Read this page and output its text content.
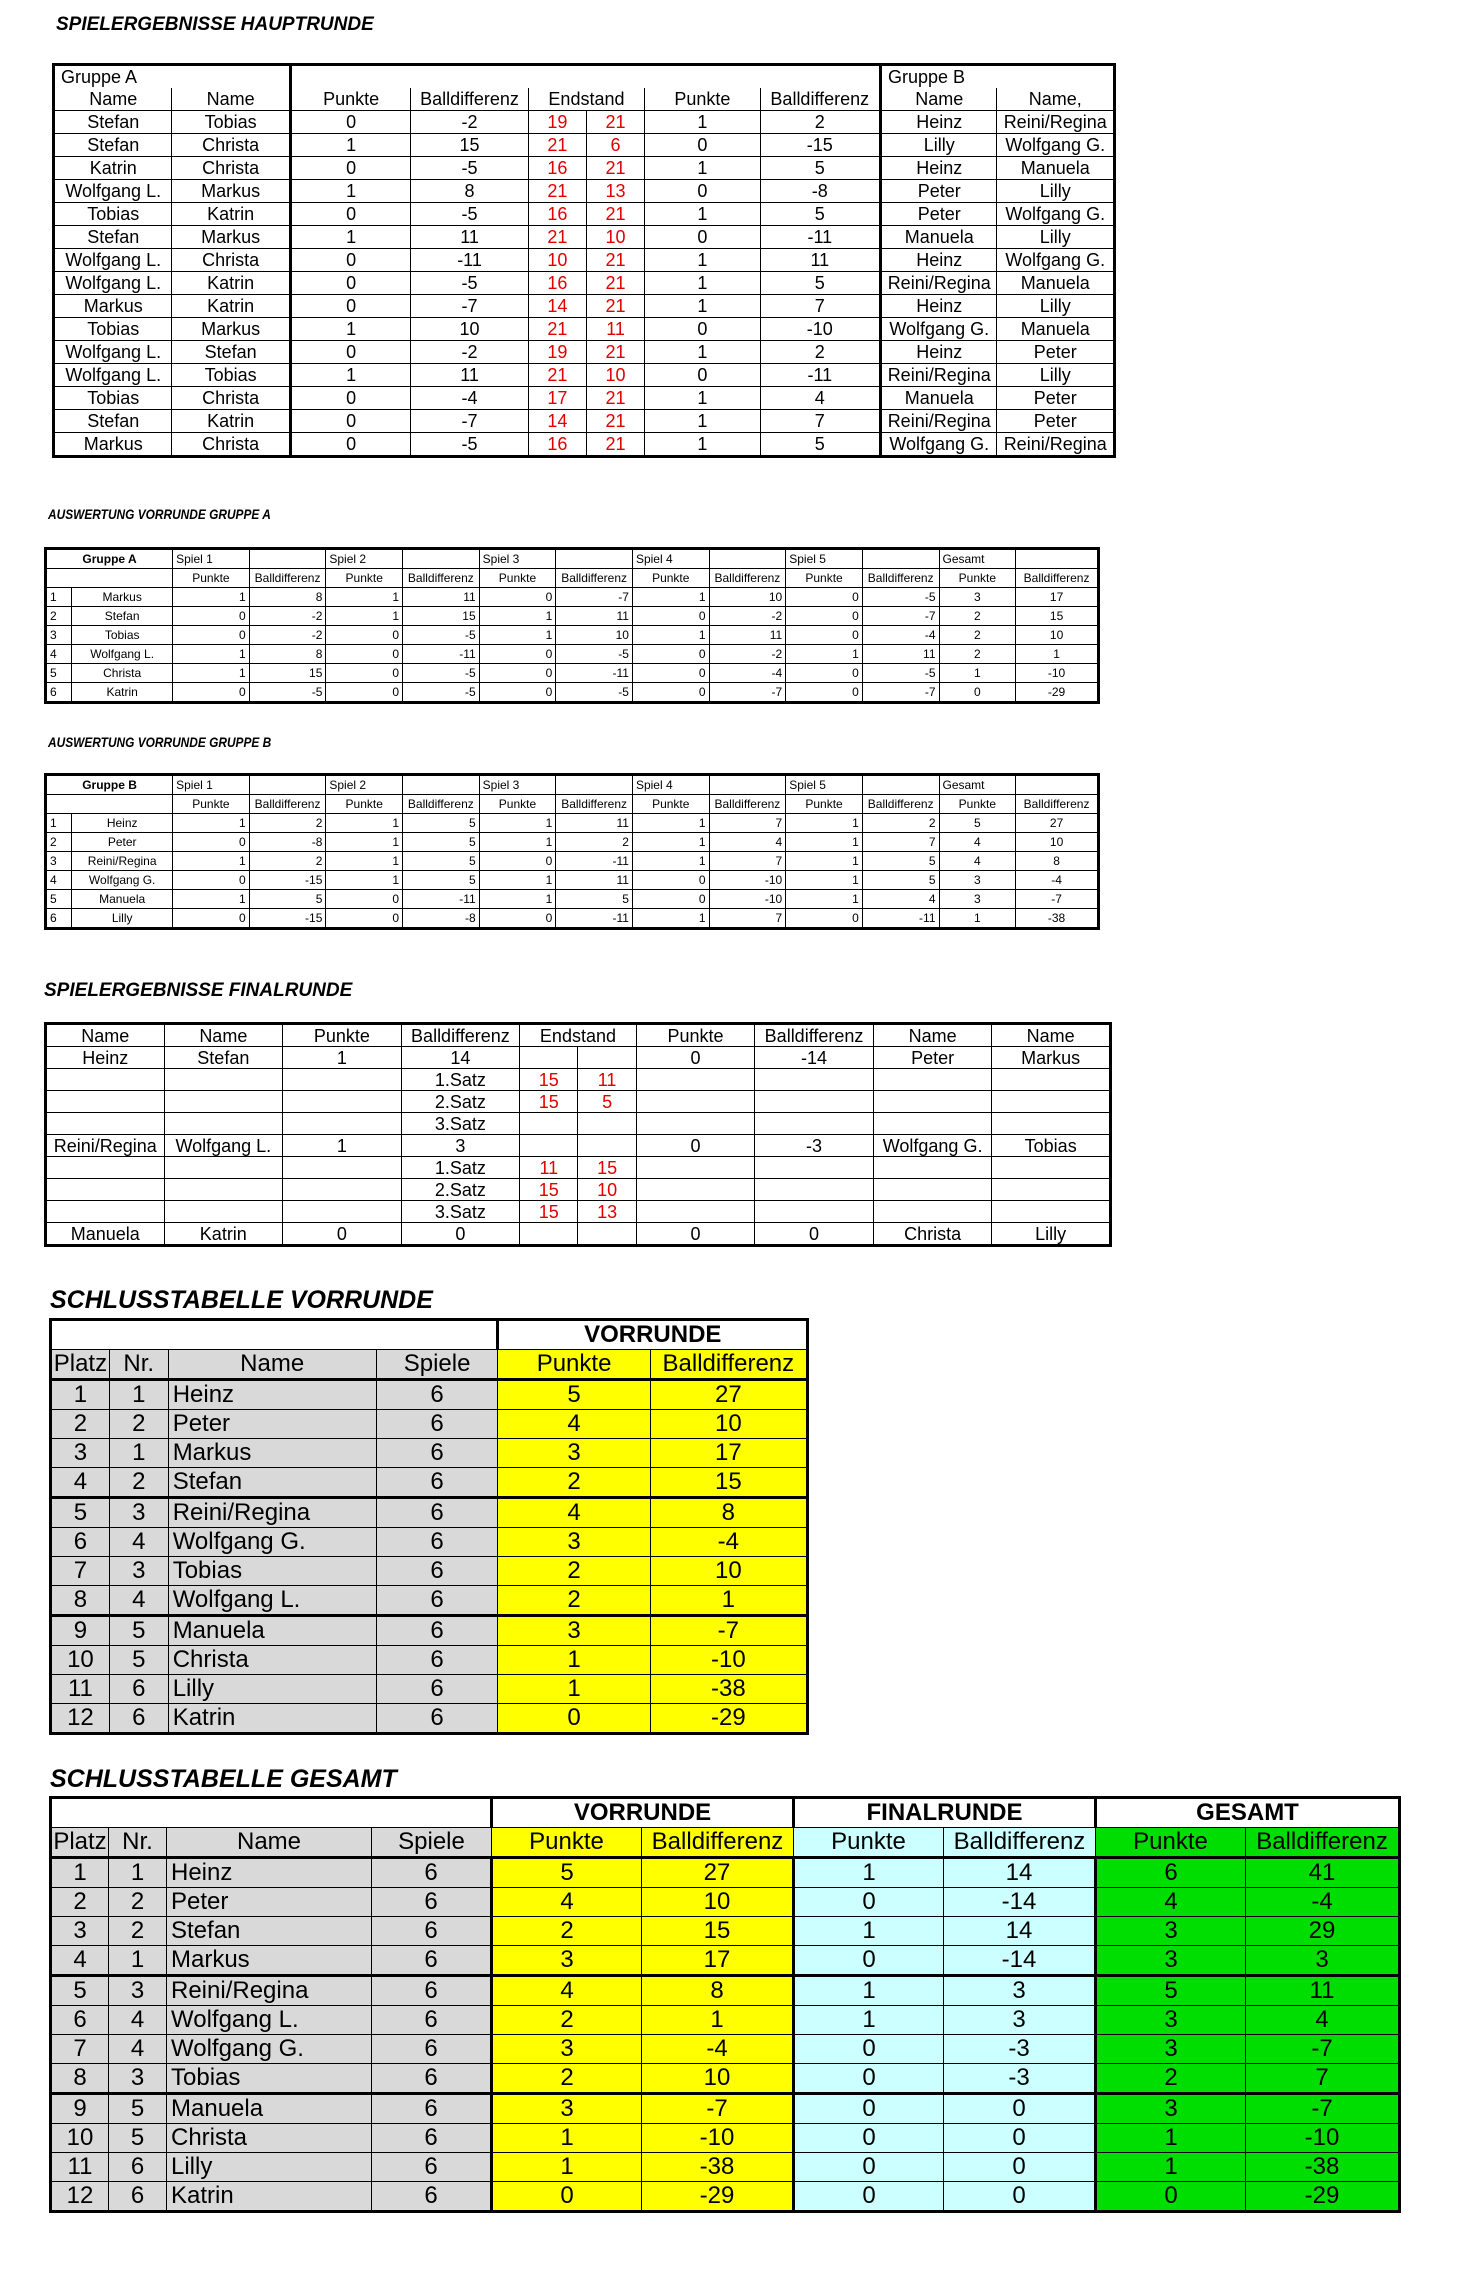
SPIELERGEBNISSE HAUPTRUNDE

Gruppe A								Gruppe B	
Name	Name	Punkte	Balldifferenz	Endstand		Punkte	Balldifferenz	Name	Name,
Stefan	Tobias	0	-2	19	21	1	2	Heinz	Reini/Regina
Stefan	Christa	1	15	21	6	0	-15	Lilly	Wolfgang G.
Katrin	Christa	0	-5	16	21	1	5	Heinz	Manuela
Wolfgang L.	Markus	1	8	21	13	0	-8	Peter	Lilly
Tobias	Katrin	0	-5	16	21	1	5	Peter	Wolfgang G.
Stefan	Markus	1	11	21	10	0	-11	Manuela	Lilly
Wolfgang L.	Christa	0	-11	10	21	1	11	Heinz	Wolfgang G.
Wolfgang L.	Katrin	0	-5	16	21	1	5	Reini/Regina	Manuela
Markus	Katrin	0	-7	14	21	1	7	Heinz	Lilly
Tobias	Markus	1	10	21	11	0	-10	Wolfgang G.	Manuela
Wolfgang L.	Stefan	0	-2	19	21	1	2	Heinz	Peter
Wolfgang L.	Tobias	1	11	21	10	0	-11	Reini/Regina	Lilly
Tobias	Christa	0	-4	17	21	1	4	Manuela	Peter
Stefan	Katrin	0	-7	14	21	1	7	Reini/Regina	Peter
Markus	Christa	0	-5	16	21	1	5	Wolfgang G.	Reini/Regina

AUSWERTUNG VORRUNDE GRUPPE A

Gruppe A		Spiel 1		Spiel 2		Spiel 3		Spiel 4		Spiel 5		Gesamt	
		Punkte	Balldifferenz	Punkte	Balldifferenz	Punkte	Balldifferenz	Punkte	Balldifferenz	Punkte	Balldifferenz	Punkte	Balldifferenz
1	Markus	1	8	1	11	0	-7	1	10	0	-5	3	17
2	Stefan	0	-2	1	15	1	11	0	-2	0	-7	2	15
3	Tobias	0	-2	0	-5	1	10	1	11	0	-4	2	10
4	Wolfgang L.	1	8	0	-11	0	-5	0	-2	1	11	2	1
5	Christa	1	15	0	-5	0	-11	0	-4	0	-5	1	-10
6	Katrin	0	-5	0	-5	0	-5	0	-7	0	-7	0	-29

AUSWERTUNG VORRUNDE GRUPPE B

Gruppe B		Spiel 1		Spiel 2		Spiel 3		Spiel 4		Spiel 5		Gesamt	
		Punkte	Balldifferenz	Punkte	Balldifferenz	Punkte	Balldifferenz	Punkte	Balldifferenz	Punkte	Balldifferenz	Punkte	Balldifferenz
1	Heinz	1	2	1	5	1	11	1	7	1	2	5	27
2	Peter	0	-8	1	5	1	2	1	4	1	7	4	10
3	Reini/Regina	1	2	1	5	0	-11	1	7	1	5	4	8
4	Wolfgang G.	0	-15	1	5	1	11	0	-10	1	5	3	-4
5	Manuela	1	5	0	-11	1	5	0	-10	1	4	3	-7
6	Lilly	0	-15	0	-8	0	-11	1	7	0	-11	1	-38

SPIELERGEBNISSE FINALRUNDE

Name	Name	Punkte	Balldifferenz	Endstand		Punkte	Balldifferenz	Name	Name
Heinz	Stefan	1	14			0	-14	Peter	Markus
			1.Satz	15	11				
			2.Satz	15	5				
			3.Satz						
Reini/Regina	Wolfgang L.	1	3			0	-3	Wolfgang G.	Tobias
			1.Satz	11	15				
			2.Satz	15	10				
			3.Satz	15	13				
Manuela	Katrin	0	0			0	0	Christa	Lilly

SCHLUSSTABELLE VORRUNDE

				VORRUNDE	
Platz	Nr.	Name	Spiele	Punkte	Balldifferenz
1	1	Heinz	6	5	27
2	2	Peter	6	4	10
3	1	Markus	6	3	17
4	2	Stefan	6	2	15
5	3	Reini/Regina	6	4	8
6	4	Wolfgang G.	6	3	-4
7	3	Tobias	6	2	10
8	4	Wolfgang L.	6	2	1
9	5	Manuela	6	3	-7
10	5	Christa	6	1	-10
11	6	Lilly	6	1	-38
12	6	Katrin	6	0	-29

SCHLUSSTABELLE GESAMT

				VORRUNDE		FINALRUNDE		GESAMT	
Platz	Nr.	Name	Spiele	Punkte	Balldifferenz	Punkte	Balldifferenz	Punkte	Balldifferenz
1	1	Heinz	6	5	27	1	14	6	41
2	2	Peter	6	4	10	0	-14	4	-4
3	2	Stefan	6	2	15	1	14	3	29
4	1	Markus	6	3	17	0	-14	3	3
5	3	Reini/Regina	6	4	8	1	3	5	11
6	4	Wolfgang L.	6	2	1	1	3	3	4
7	4	Wolfgang G.	6	3	-4	0	-3	3	-7
8	3	Tobias	6	2	10	0	-3	2	7
9	5	Manuela	6	3	-7	0	0	3	-7
10	5	Christa	6	1	-10	0	0	1	-10
11	6	Lilly	6	1	-38	0	0	1	-38
12	6	Katrin	6	0	-29	0	0	0	-29
